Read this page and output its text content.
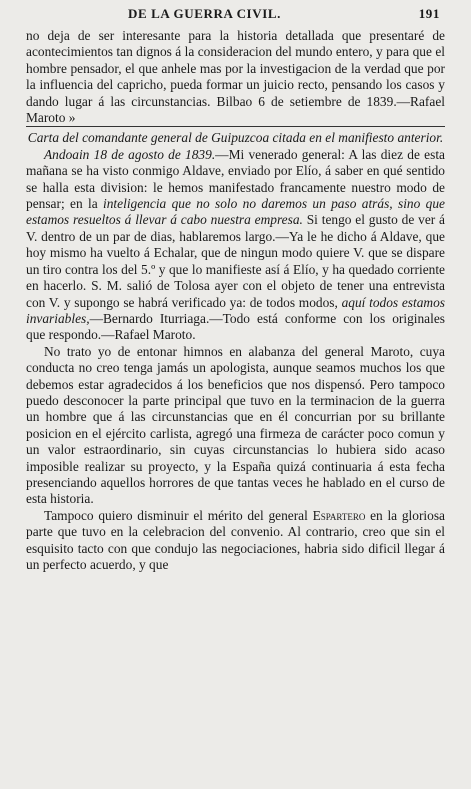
DE LA GUERRA CIVIL.	191

no deja de ser interesante para la historia detallada que presentaré de acontecimientos tan dignos á la consideracion del mundo entero, y para que el hombre pensador, el que anhele mas por la investigacion de la verdad que por la influencia del capricho, pueda formar un juicio recto, pensando los casos y dando lugar á las circunstancias. Bilbao 6 de setiembre de 1839.—Rafael Maroto »

Carta del comandante general de Guipuzcoa citada en el manifiesto anterior.

Andoain 18 de agosto de 1839.—Mi venerado general: A las diez de esta mañana se ha visto conmigo Aldave, enviado por Elío, á saber en qué sentido se halla esta division: le hemos manifestado francamente nuestro modo de pensar; en la inteligencia que no solo no daremos un paso atrás, sino que estamos resueltos á llevar á cabo nuestra empresa. Si tengo el gusto de ver á V. dentro de un par de dias, hablaremos largo.—Ya le he dicho á Aldave, que hoy mismo ha vuelto á Echalar, que de ningun modo quiere V. que se dispare un tiro contra los del 5.º y que lo manifieste así á Elío, y ha quedado corriente en hacerlo. S. M. salió de Tolosa ayer con el objeto de tener una entrevista con V. y supongo se habrá verificado ya: de todos modos, aquí todos estamos invariables,—Bernardo Iturriaga.—Todo está conforme con los originales que respondo.—Rafael Maroto.

No trato yo de entonar himnos en alabanza del general Maroto, cuya conducta no creo tenga jamás un apologista, aunque seamos muchos los que debemos estar agradecidos á los beneficios que nos dispensó. Pero tampoco puedo desconocer la parte principal que tuvo en la terminacion de la guerra un hombre que á las circunstancias que en él concurrian por su brillante posicion en el ejército carlista, agregó una firmeza de carácter poco comun y un valor estraordinario, sin cuyas circunstancias lo hubiera sido acaso imposible realizar su proyecto, y la España quizá continuaria á esta fecha presenciando aquellos horrores de que tantas veces he hablado en el curso de esta historia.

Tampoco quiero disminuir el mérito del general Espartero en la gloriosa parte que tuvo en la celebracion del convenio. Al contrario, creo que sin el esquisito tacto con que condujo las negociaciones, habria sido dificil llegar á un perfecto acuerdo, y que
